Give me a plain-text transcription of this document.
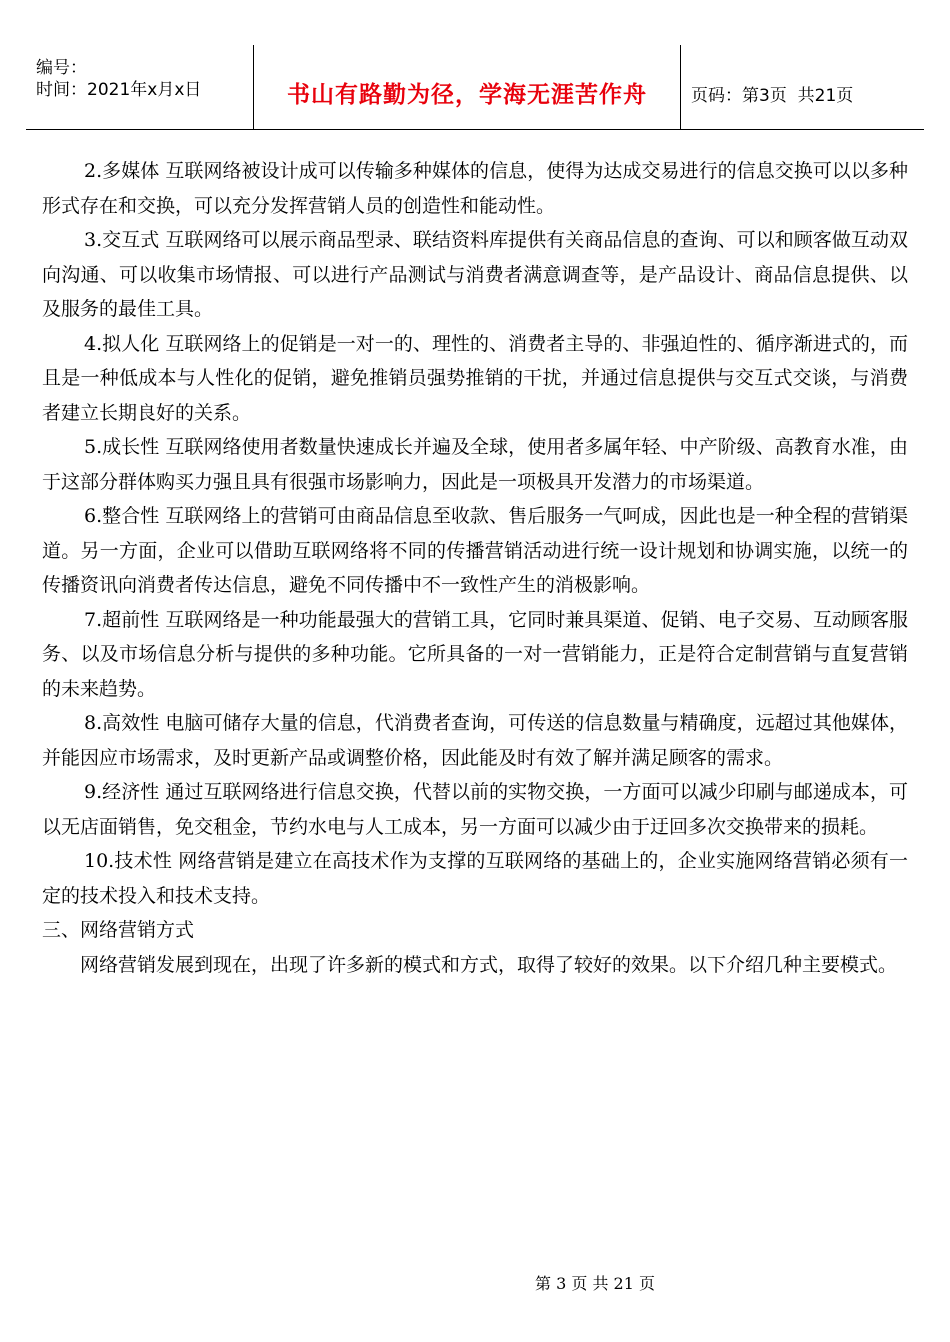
编号：
时间：2021年x月x日	书山有路勤为径，学海无涯苦作舟	页码：第3页  共21页

2.多媒体 互联网络被设计成可以传输多种媒体的信息，使得为达成交易进行的信息交换可以以多种形式存在和交换，可以充分发挥营销人员的创造性和能动性。

3.交互式 互联网络可以展示商品型录、联结资料库提供有关商品信息的查询、可以和顾客做互动双向沟通、可以收集市场情报、可以进行产品测试与消费者满意调查等，是产品设计、商品信息提供、以及服务的最佳工具。

4.拟人化 互联网络上的促销是一对一的、理性的、消费者主导的、非强迫性的、循序渐进式的，而且是一种低成本与人性化的促销，避免推销员强势推销的干扰，并通过信息提供与交互式交谈，与消费者建立长期良好的关系。

5.成长性 互联网络使用者数量快速成长并遍及全球，使用者多属年轻、中产阶级、高教育水准，由于这部分群体购买力强且具有很强市场影响力，因此是一项极具开发潜力的市场渠道。

6.整合性 互联网络上的营销可由商品信息至收款、售后服务一气呵成，因此也是一种全程的营销渠道。另一方面，企业可以借助互联网络将不同的传播营销活动进行统一设计规划和协调实施，以统一的传播资讯向消费者传达信息，避免不同传播中不一致性产生的消极影响。

7.超前性 互联网络是一种功能最强大的营销工具，它同时兼具渠道、促销、电子交易、互动顾客服务、以及市场信息分析与提供的多种功能。它所具备的一对一营销能力，正是符合定制营销与直复营销的未来趋势。

8.高效性 电脑可储存大量的信息，代消费者查询，可传送的信息数量与精确度，远超过其他媒体，并能因应市场需求，及时更新产品或调整价格，因此能及时有效了解并满足顾客的需求。

9.经济性 通过互联网络进行信息交换，代替以前的实物交换，一方面可以减少印刷与邮递成本，可以无店面销售，免交租金，节约水电与人工成本，另一方面可以减少由于迂回多次交换带来的损耗。

10.技术性 网络营销是建立在高技术作为支撑的互联网络的基础上的，企业实施网络营销必须有一定的技术投入和技术支持。

三、网络营销方式

网络营销发展到现在，出现了许多新的模式和方式，取得了较好的效果。以下介绍几种主要模式。

第 3 页 共 21 页
